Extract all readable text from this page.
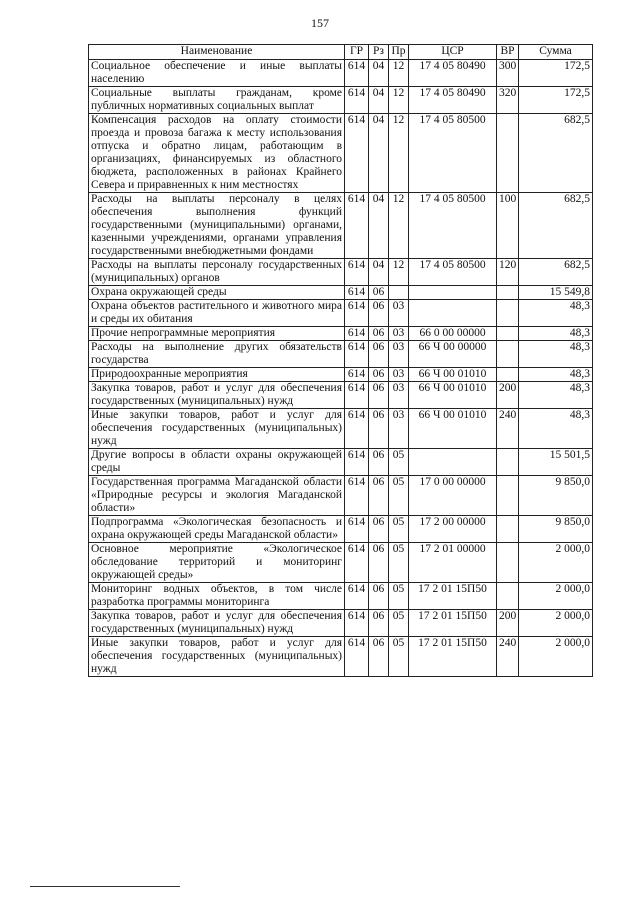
157
Наименование	ГР	Рз	Пр	ЦСР	ВР	Сумма
Социальное обеспечение и иные выплаты населению	614	04	12	17 4 05 80490	300	172,5
Социальные выплаты гражданам, кроме публичных нормативных социальных выплат	614	04	12	17 4 05 80490	320	172,5
Компенсация расходов на оплату стоимости проезда и провоза багажа к месту использования отпуска и обратно лицам, работающим в организациях, финансируемых из областного бюджета, расположенных в районах Крайнего Севера и приравненных к ним местностях	614	04	12	17 4 05 80500		682,5
Расходы на выплаты персоналу в целях обеспечения выполнения функций государственными (муниципальными) органами, казенными учреждениями, органами управления государственными внебюджетными фондами	614	04	12	17 4 05 80500	100	682,5
Расходы на выплаты персоналу государственных (муниципальных) органов	614	04	12	17 4 05 80500	120	682,5
Охрана окружающей среды	614	06				15 549,8
Охрана объектов растительного и животного мира и среды их обитания	614	06	03			48,3
Прочие непрограммные мероприятия	614	06	03	66 0 00 00000		48,3
Расходы на выполнение других обязательств государства	614	06	03	66 Ч 00 00000		48,3
Природоохранные мероприятия	614	06	03	66 Ч 00 01010		48,3
Закупка товаров, работ и услуг для обеспечения государственных (муниципальных) нужд	614	06	03	66 Ч 00 01010	200	48,3
Иные закупки товаров, работ и услуг для обеспечения государственных (муниципальных) нужд	614	06	03	66 Ч 00 01010	240	48,3
Другие вопросы в области охраны окружающей среды	614	06	05			15 501,5
Государственная программа Магаданской области «Природные ресурсы и экология Магаданской области»	614	06	05	17 0 00 00000		9 850,0
Подпрограмма «Экологическая безопасность и охрана окружающей среды Магаданской области»	614	06	05	17 2 00 00000		9 850,0
Основное мероприятие «Экологическое обследование территорий и мониторинг окружающей среды»	614	06	05	17 2 01 00000		2 000,0
Мониторинг водных объектов, в том числе разработка программы мониторинга	614	06	05	17 2 01 15П50		2 000,0
Закупка товаров, работ и услуг для обеспечения государственных (муниципальных) нужд	614	06	05	17 2 01 15П50	200	2 000,0
Иные закупки товаров, работ и услуг для обеспечения государственных (муниципальных) нужд	614	06	05	17 2 01 15П50	240	2 000,0
